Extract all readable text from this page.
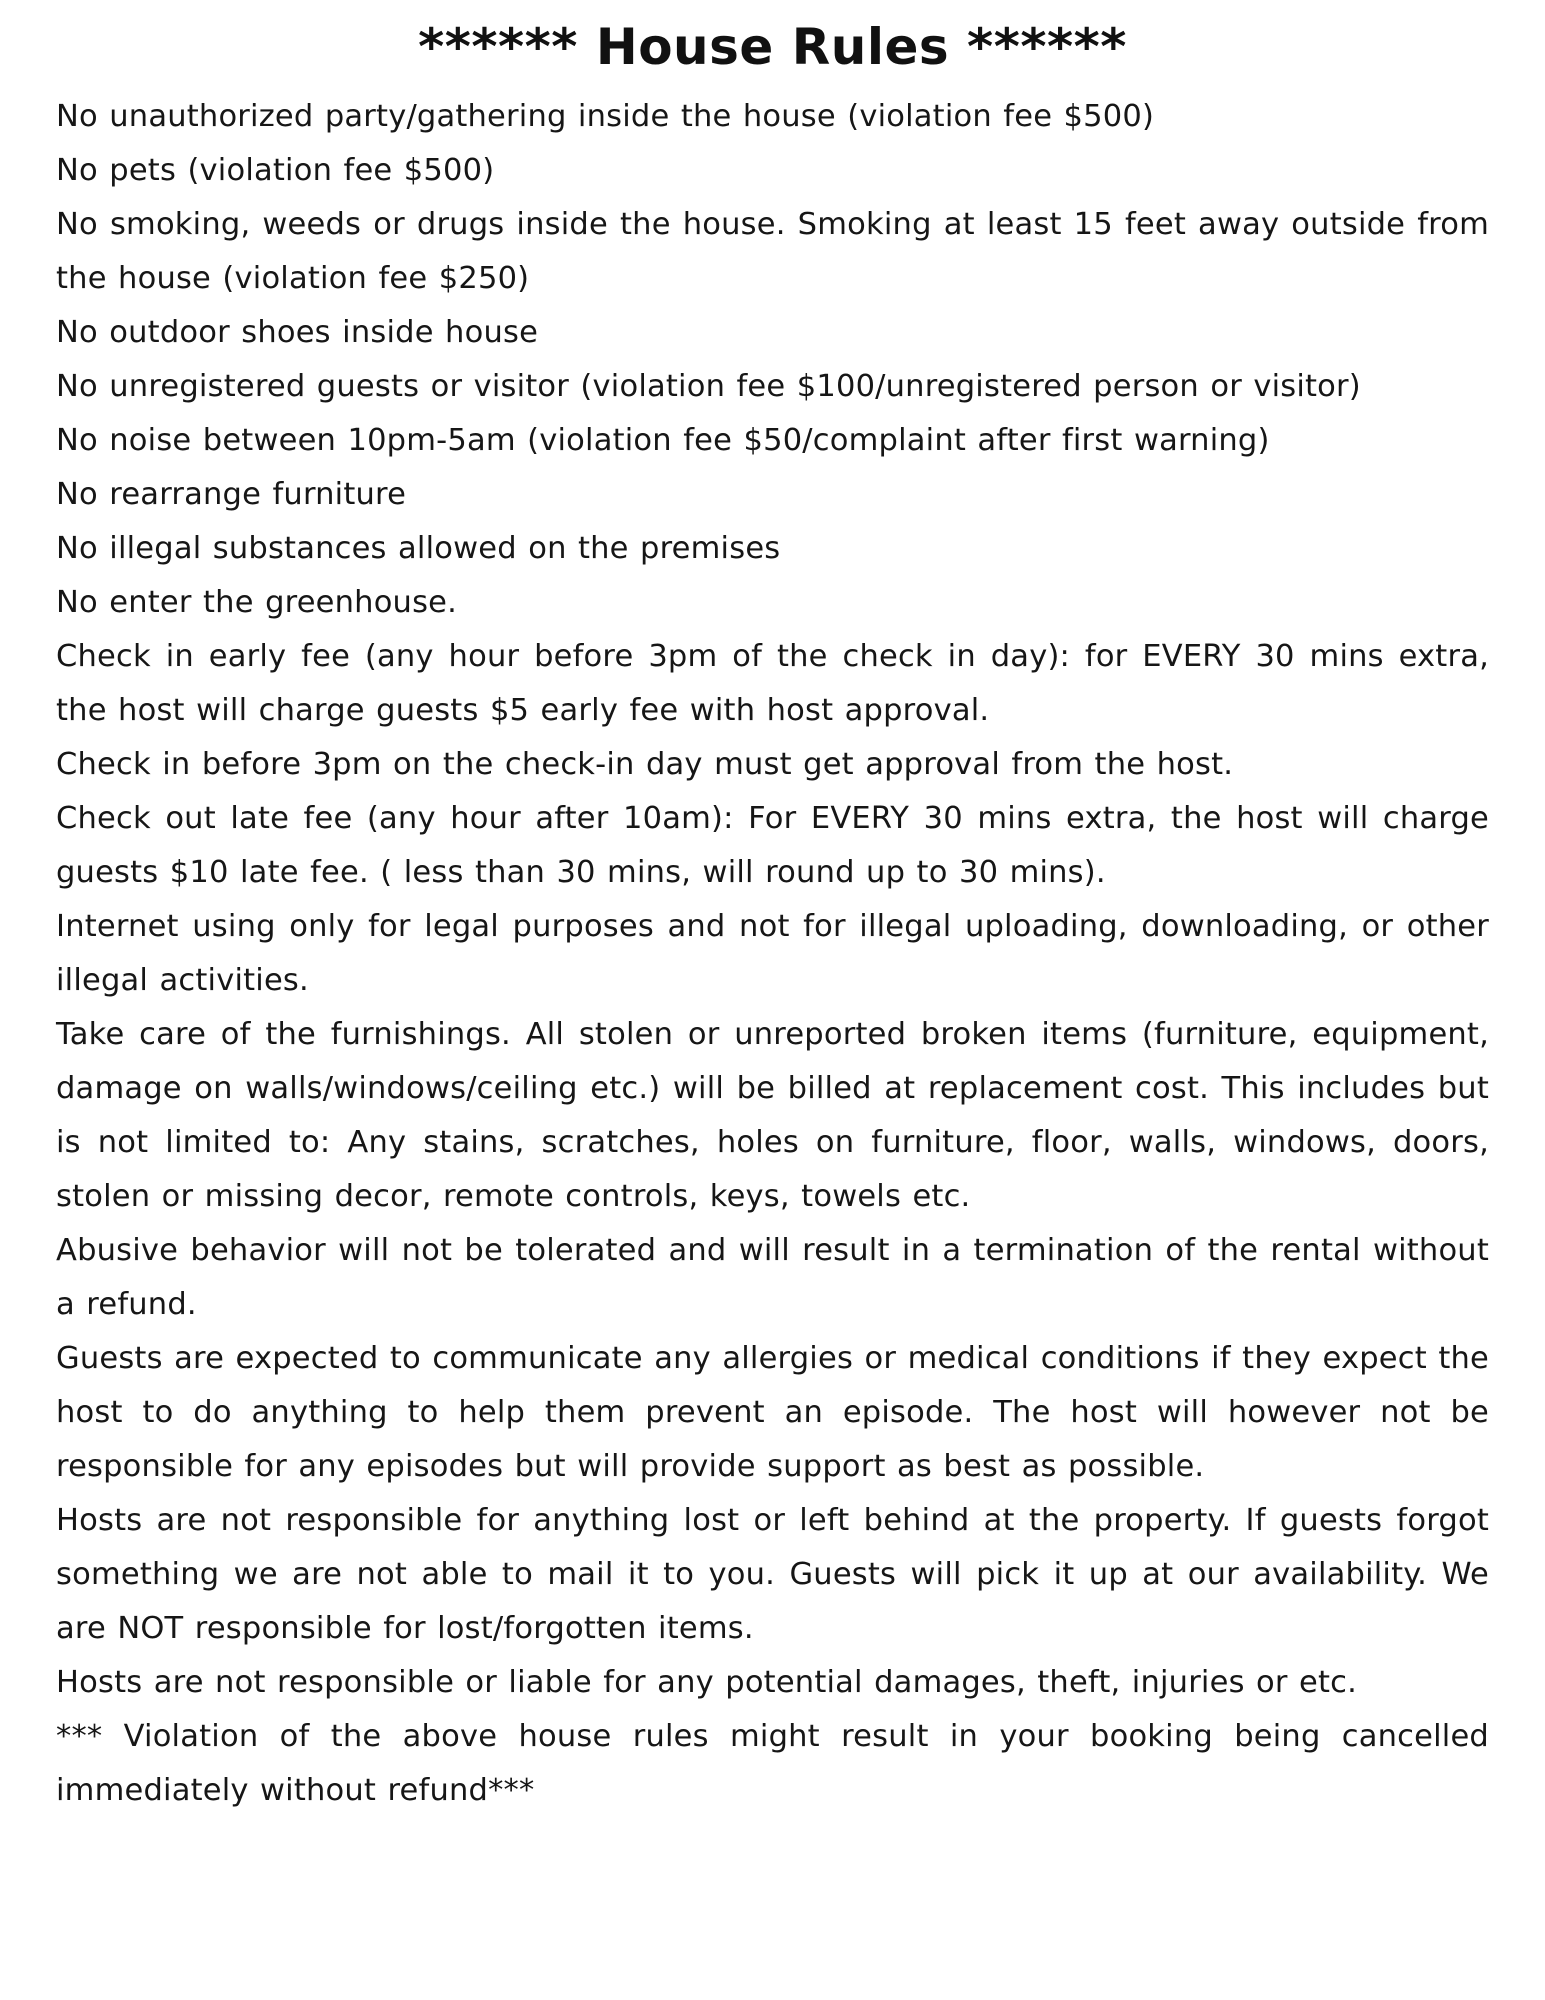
****** House Rules ******

No unauthorized party/gathering inside the house (violation fee $500)

No pets (violation fee $500)

No smoking, weeds or drugs inside the house. Smoking at least 15 feet away outside from the house (violation fee $250)

No outdoor shoes inside house

No unregistered guests or visitor (violation fee $100/unregistered person or visitor)

No noise between 10pm-5am (violation fee $50/complaint after first warning)

No rearrange furniture

No illegal substances allowed on the premises

No enter the greenhouse.

Check in early fee (any hour before 3pm of the check in day): for EVERY 30 mins extra, the host will charge guests $5 early fee with host approval.

Check in before 3pm on the check-in day must get approval from the host.

Check out late fee (any hour after 10am): For EVERY 30 mins extra, the host will charge guests $10 late fee. ( less than 30 mins, will round up to 30 mins).

Internet using only for legal purposes and not for illegal uploading, downloading, or other illegal activities.

Take care of the furnishings. All stolen or unreported broken items (furniture, equipment, damage on walls/windows/ceiling etc.) will be billed at replacement cost. This includes but is not limited to: Any stains, scratches, holes on furniture, floor, walls, windows, doors, stolen or missing decor, remote controls, keys, towels etc.

Abusive behavior will not be tolerated and will result in a termination of the rental without a refund.

Guests are expected to communicate any allergies or medical conditions if they expect the host to do anything to help them prevent an episode. The host will however not be responsible for any episodes but will provide support as best as possible.

Hosts are not responsible for anything lost or left behind at the property. If guests forgot something we are not able to mail it to you. Guests will pick it up at our availability. We are NOT responsible for lost/forgotten items.

Hosts are not responsible or liable for any potential damages, theft, injuries or etc.

*** Violation of the above house rules might result in your booking being cancelled immediately without refund***
